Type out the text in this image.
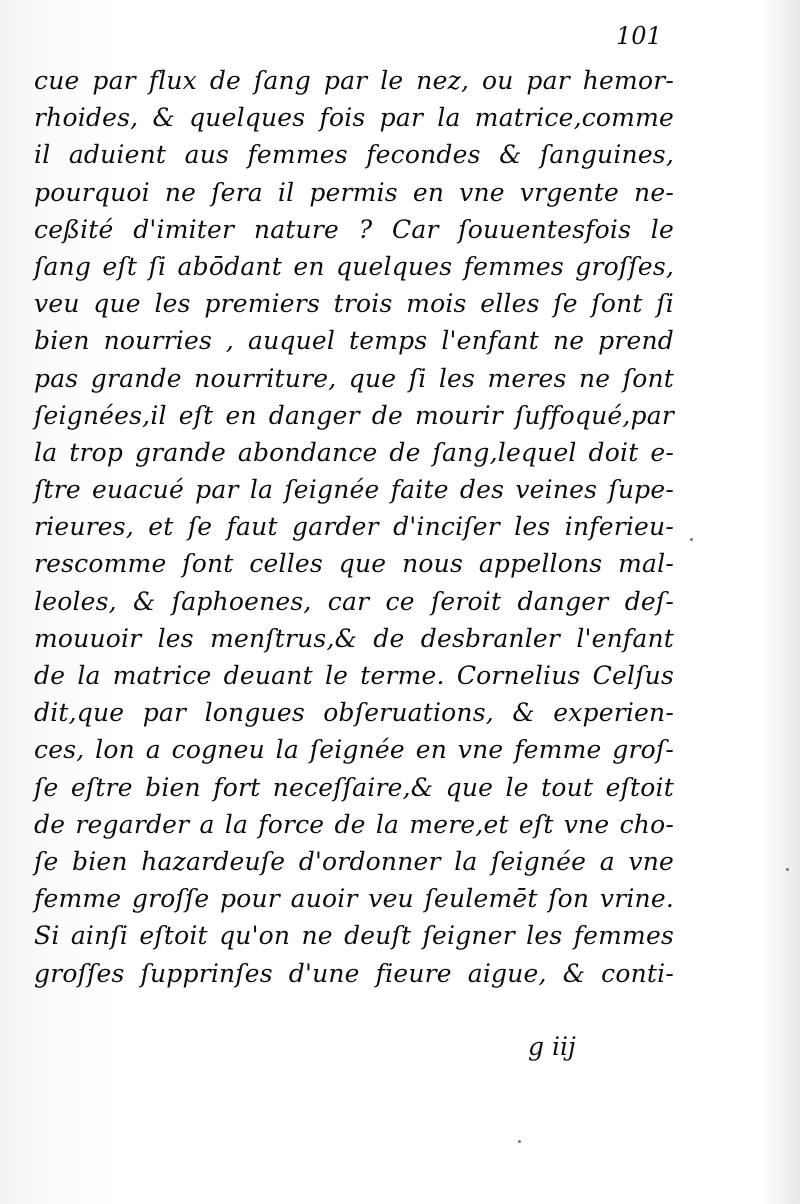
101
cue par flux de ſang par le nez, ou par hemor-
rhoides, & quelques fois par la matrice,comme
il aduient aus femmes fecondes & ſanguines,
pourquoi ne ſera il permis en vne vrgente ne-
ceßité d'imiter nature ? Car ſouuentesfois le
ſang eſt ſi abōdant en quelques femmes groſſes,
veu que les premiers trois mois elles ſe ſont ſi
bien nourries , auquel temps l'enfant ne prend
pas grande nourriture, que ſi les meres ne ſont
ſeignées,il eſt en danger de mourir ſuffoqué,par
la trop grande abondance de ſang,lequel doit e-
ſtre euacué par la ſeignée faite des veines ſupe-
rieures, et ſe faut garder d'inciſer les inferieu-
rescomme ſont celles que nous appellons mal-
leoles, & ſaphoenes, car ce ſeroit danger deſ-
mouuoir les menſtrus,& de desbranler l'enfant
de la matrice deuant le terme. Cornelius Celſus
dit,que par longues obſeruations, & experien-
ces, lon a cogneu la ſeignée en vne femme groſ-
ſe eſtre bien fort neceſſaire,& que le tout eſtoit
de regarder a la force de la mere,et eſt vne cho-
ſe bien hazardeuſe d'ordonner la ſeignée a vne
femme groſſe pour auoir veu ſeulemēt ſon vrine.
Si ainſi eſtoit qu'on ne deuſt ſeigner les femmes
groſſes ſupprinſes d'une fieure aigue, & conti-
g iij
